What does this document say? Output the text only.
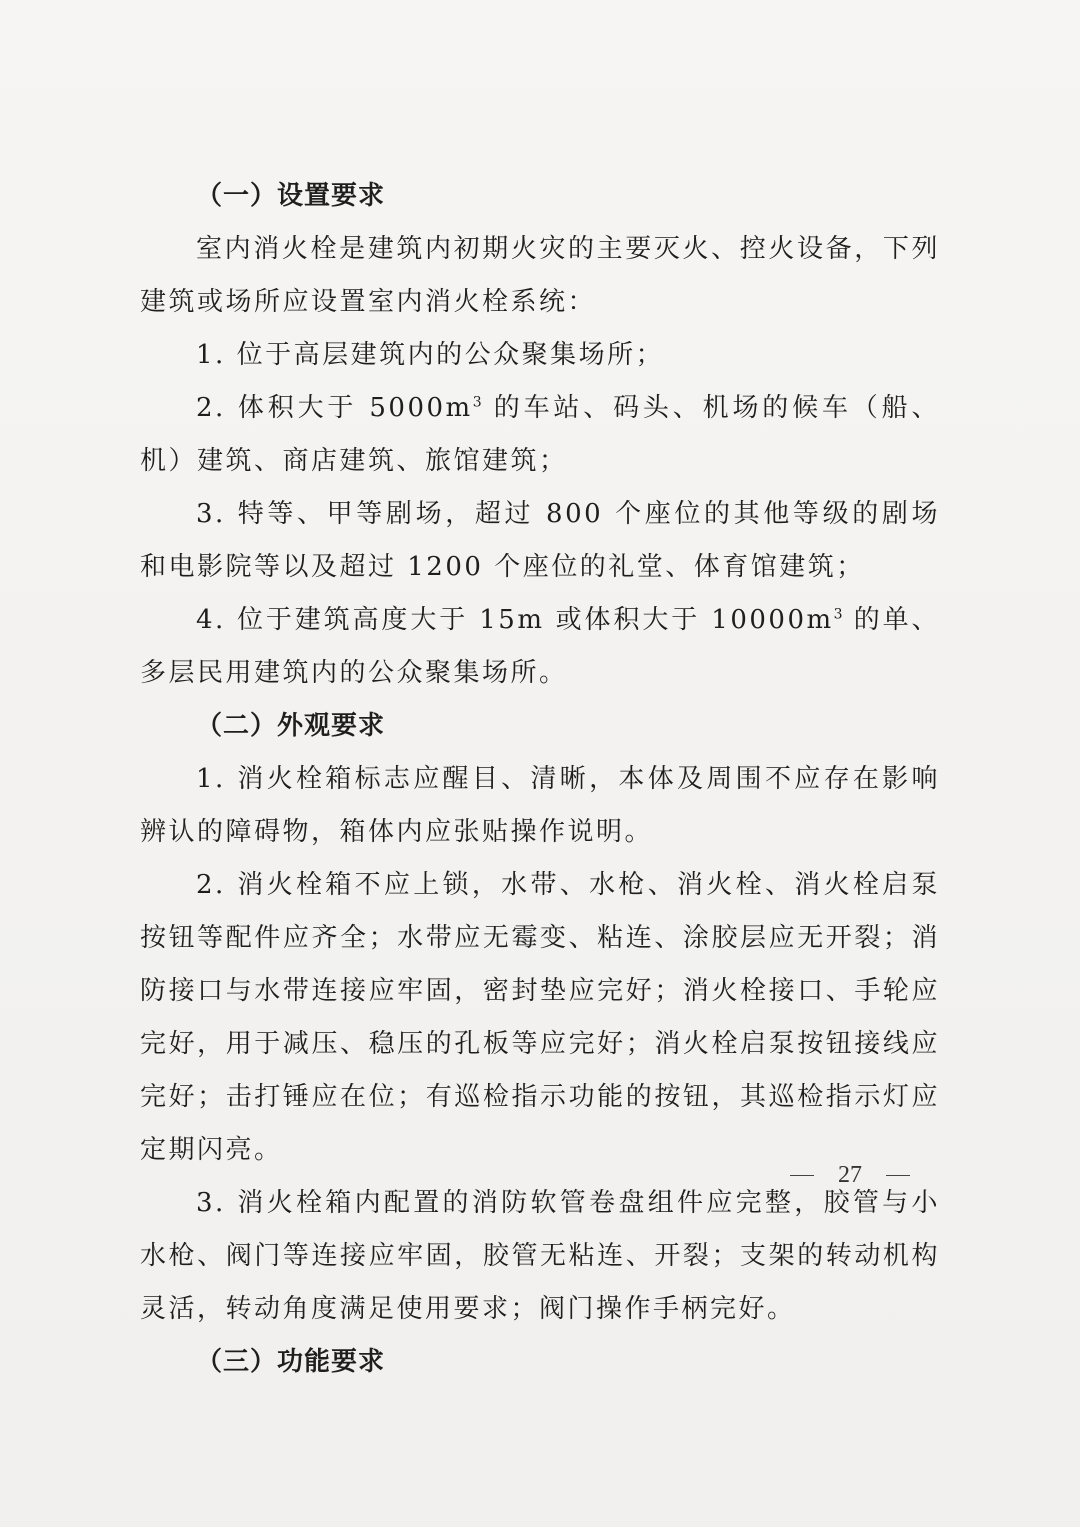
（一）设置要求

室内消火栓是建筑内初期火灾的主要灭火、控火设备，下列建筑或场所应设置室内消火栓系统：

1. 位于高层建筑内的公众聚集场所；

2. 体积大于 $5000m^3$ 的车站、码头、机场的候车（船、机）建筑、商店建筑、旅馆建筑；

3. 特等、甲等剧场，超过 800 个座位的其他等级的剧场和电影院等以及超过 1200 个座位的礼堂、体育馆建筑；

4. 位于建筑高度大于 15m 或体积大于 $10000m^3$ 的单、多层民用建筑内的公众聚集场所。

（二）外观要求

1. 消火栓箱标志应醒目、清晰，本体及周围不应存在影响辨认的障碍物，箱体内应张贴操作说明。

2. 消火栓箱不应上锁，水带、水枪、消火栓、消火栓启泵按钮等配件应齐全；水带应无霉变、粘连、涂胶层应无开裂；消防接口与水带连接应牢固，密封垫应完好；消火栓接口、手轮应完好，用于减压、稳压的孔板等应完好；消火栓启泵按钮接线应完好；击打锤应在位；有巡检指示功能的按钮，其巡检指示灯应定期闪亮。

3. 消火栓箱内配置的消防软管卷盘组件应完整，胶管与小水枪、阀门等连接应牢固，胶管无粘连、开裂；支架的转动机构灵活，转动角度满足使用要求；阀门操作手柄完好。

（三）功能要求

27
